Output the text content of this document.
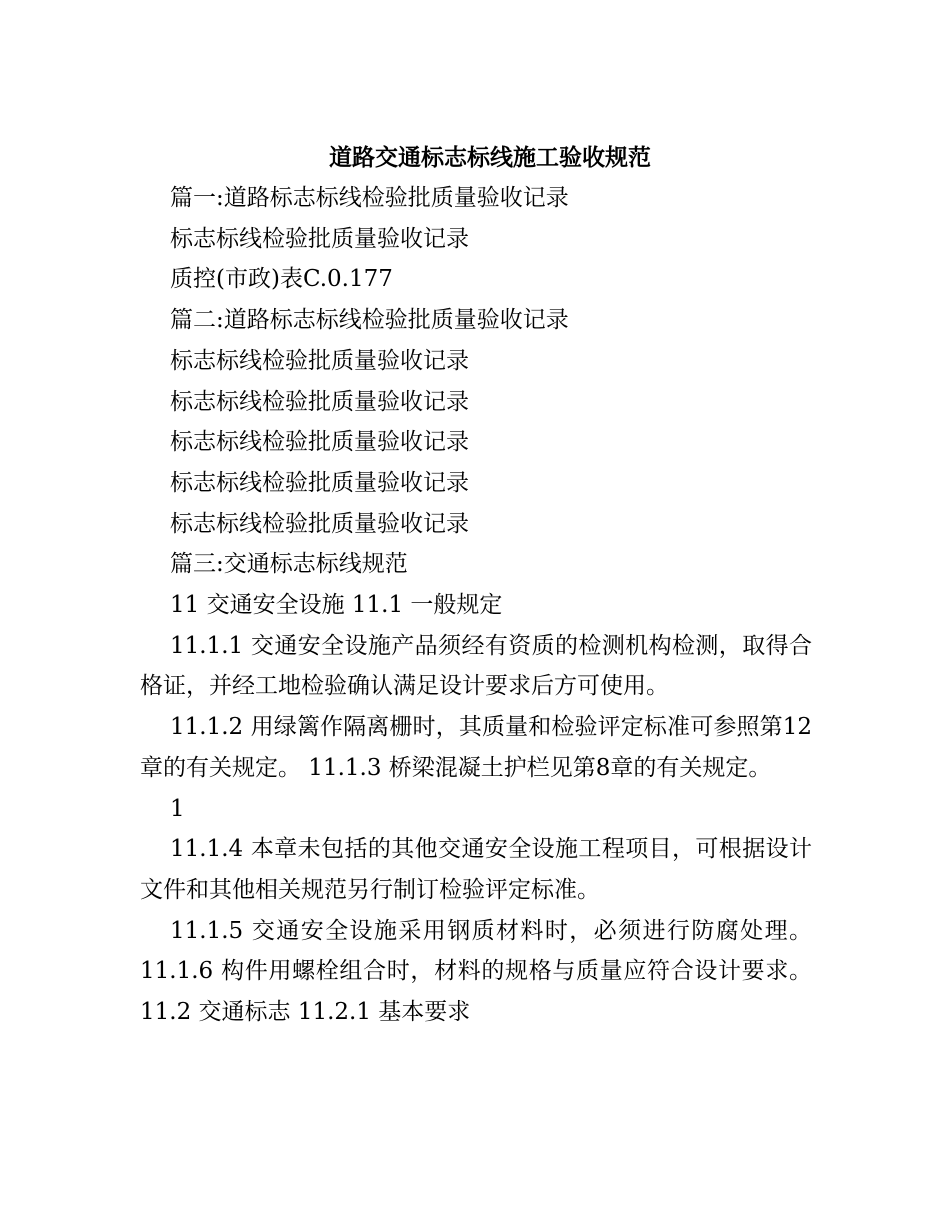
道路交通标志标线施工验收规范

篇一:道路标志标线检验批质量验收记录

标志标线检验批质量验收记录

质控(市政)表C.0.177

篇二:道路标志标线检验批质量验收记录

标志标线检验批质量验收记录

标志标线检验批质量验收记录

标志标线检验批质量验收记录

标志标线检验批质量验收记录

标志标线检验批质量验收记录

篇三:交通标志标线规范

11 交通安全设施 11.1 一般规定

11.1.1 交通安全设施产品须经有资质的检测机构检测，取得合格证，并经工地检验确认满足设计要求后方可使用。

11.1.2 用绿篱作隔离栅时，其质量和检验评定标准可参照第12章的有关规定。 11.1.3 桥梁混凝土护栏见第8章的有关规定。

1

11.1.4 本章未包括的其他交通安全设施工程项目，可根据设计文件和其他相关规范另行制订检验评定标准。

11.1.5 交通安全设施采用钢质材料时，必须进行防腐处理。 11.1.6 构件用螺栓组合时，材料的规格与质量应符合设计要求。 11.2 交通标志 11.2.1 基本要求
